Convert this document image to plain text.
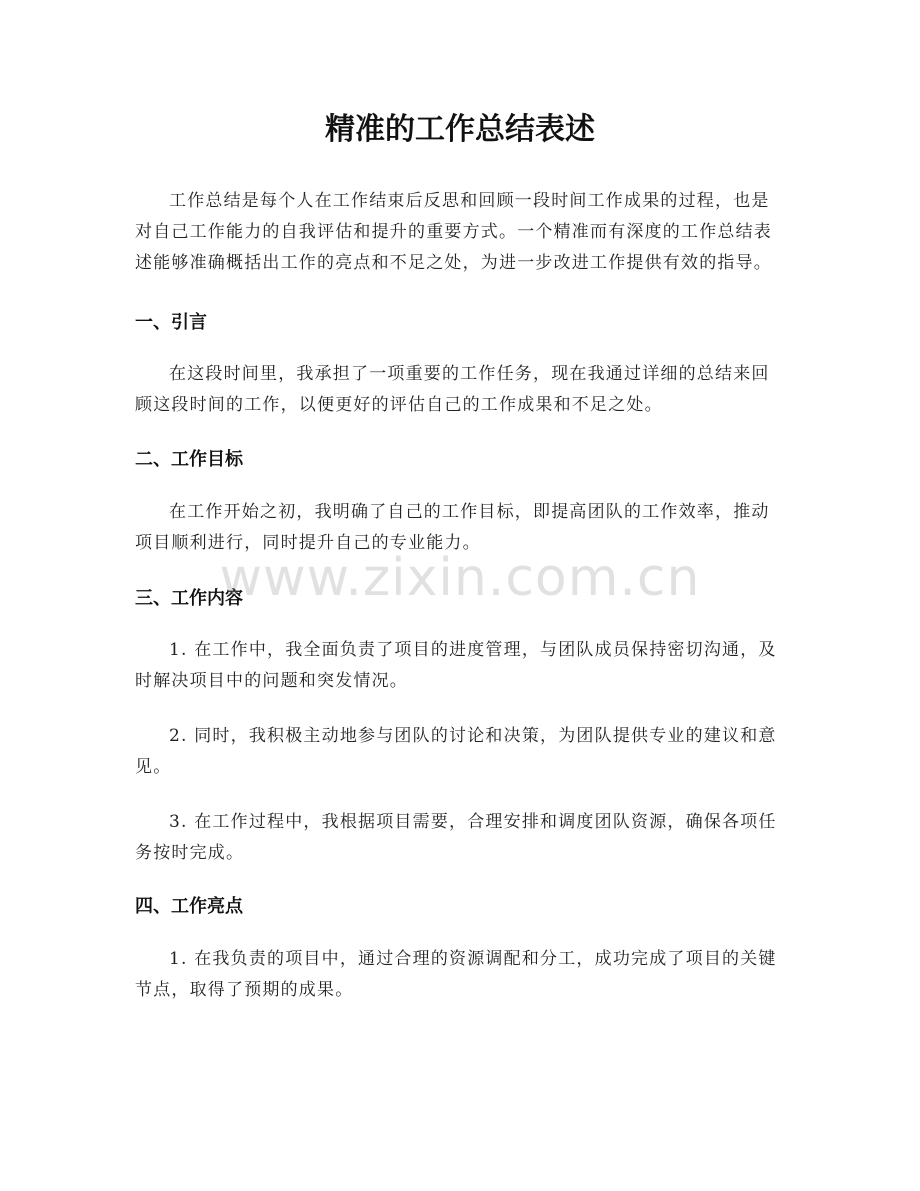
精准的工作总结表述

工作总结是每个人在工作结束后反思和回顾一段时间工作成果的过程，也是对自己工作能力的自我评估和提升的重要方式。一个精准而有深度的工作总结表述能够准确概括出工作的亮点和不足之处，为进一步改进工作提供有效的指导。

一、引言

在这段时间里，我承担了一项重要的工作任务，现在我通过详细的总结来回顾这段时间的工作，以便更好的评估自己的工作成果和不足之处。

二、工作目标

在工作开始之初，我明确了自己的工作目标，即提高团队的工作效率，推动项目顺利进行，同时提升自己的专业能力。

三、工作内容

1. 在工作中，我全面负责了项目的进度管理，与团队成员保持密切沟通，及时解决项目中的问题和突发情况。

2. 同时，我积极主动地参与团队的讨论和决策，为团队提供专业的建议和意见。

3. 在工作过程中，我根据项目需要，合理安排和调度团队资源，确保各项任务按时完成。

四、工作亮点

1. 在我负责的项目中，通过合理的资源调配和分工，成功完成了项目的关键节点，取得了预期的成果。

www.zixin.com.cn
